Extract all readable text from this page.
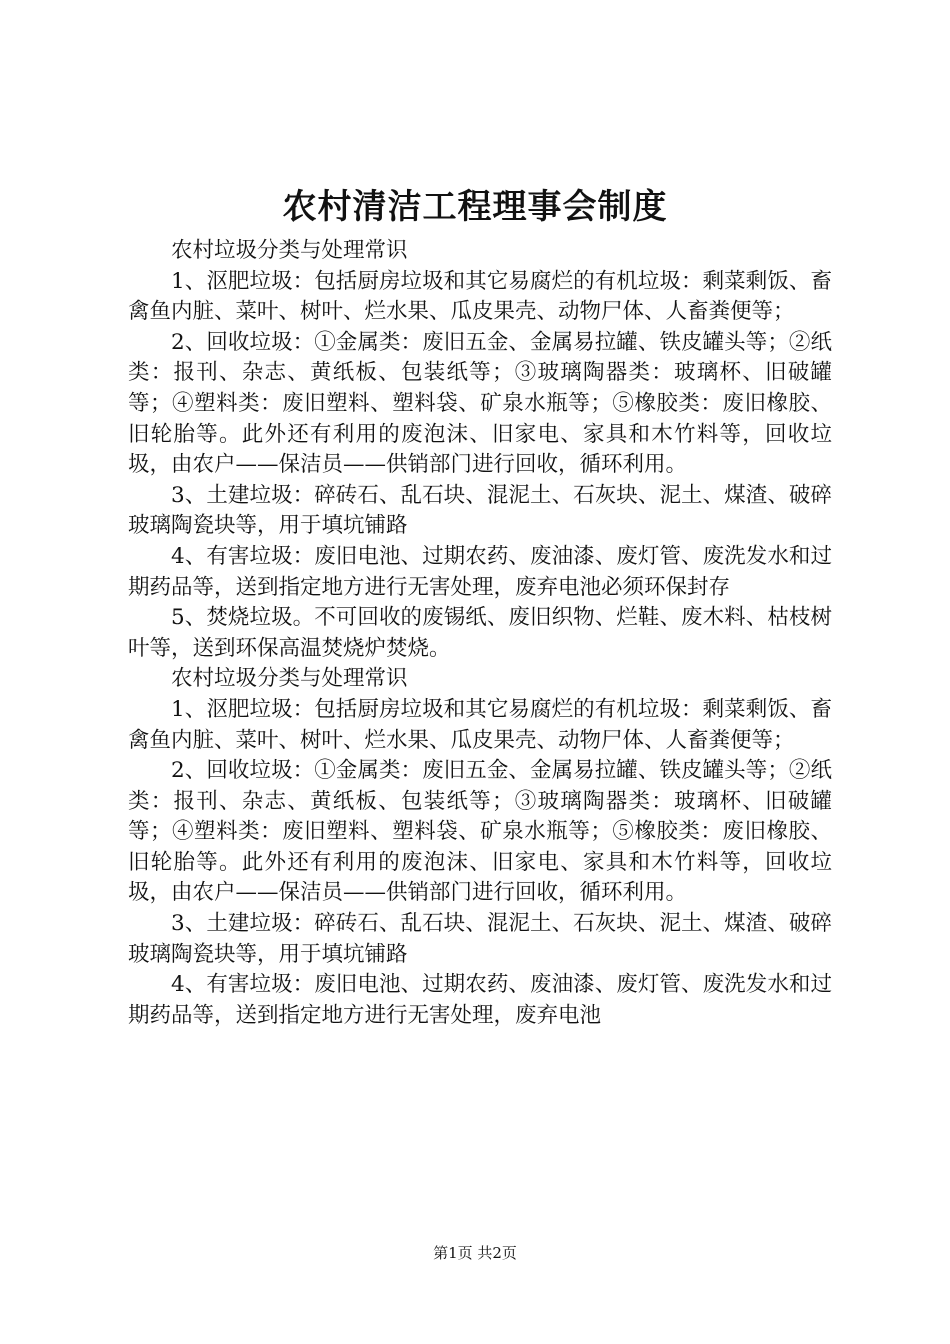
农村清洁工程理事会制度

农村垃圾分类与处理常识

1、沤肥垃圾：包括厨房垃圾和其它易腐烂的有机垃圾：剩菜剩饭、畜禽鱼内脏、菜叶、树叶、烂水果、瓜皮果壳、动物尸体、人畜粪便等；

2、回收垃圾：①金属类：废旧五金、金属易拉罐、铁皮罐头等；②纸类：报刊、杂志、黄纸板、包装纸等；③玻璃陶器类：玻璃杯、旧破罐等；④塑料类：废旧塑料、塑料袋、矿泉水瓶等；⑤橡胶类：废旧橡胶、旧轮胎等。此外还有利用的废泡沫、旧家电、家具和木竹料等，回收垃圾，由农户——保洁员——供销部门进行回收，循环利用。

3、土建垃圾：碎砖石、乱石块、混泥土、石灰块、泥土、煤渣、破碎玻璃陶瓷块等，用于填坑铺路

4、有害垃圾：废旧电池、过期农药、废油漆、废灯管、废洗发水和过期药品等，送到指定地方进行无害处理，废弃电池必须环保封存

5、焚烧垃圾。不可回收的废锡纸、废旧织物、烂鞋、废木料、枯枝树叶等，送到环保高温焚烧炉焚烧。

农村垃圾分类与处理常识

1、沤肥垃圾：包括厨房垃圾和其它易腐烂的有机垃圾：剩菜剩饭、畜禽鱼内脏、菜叶、树叶、烂水果、瓜皮果壳、动物尸体、人畜粪便等；

2、回收垃圾：①金属类：废旧五金、金属易拉罐、铁皮罐头等；②纸类：报刊、杂志、黄纸板、包装纸等；③玻璃陶器类：玻璃杯、旧破罐等；④塑料类：废旧塑料、塑料袋、矿泉水瓶等；⑤橡胶类：废旧橡胶、旧轮胎等。此外还有利用的废泡沫、旧家电、家具和木竹料等，回收垃圾，由农户——保洁员——供销部门进行回收，循环利用。

3、土建垃圾：碎砖石、乱石块、混泥土、石灰块、泥土、煤渣、破碎玻璃陶瓷块等，用于填坑铺路

4、有害垃圾：废旧电池、过期农药、废油漆、废灯管、废洗发水和过期药品等，送到指定地方进行无害处理，废弃电池

第1页 共2页
